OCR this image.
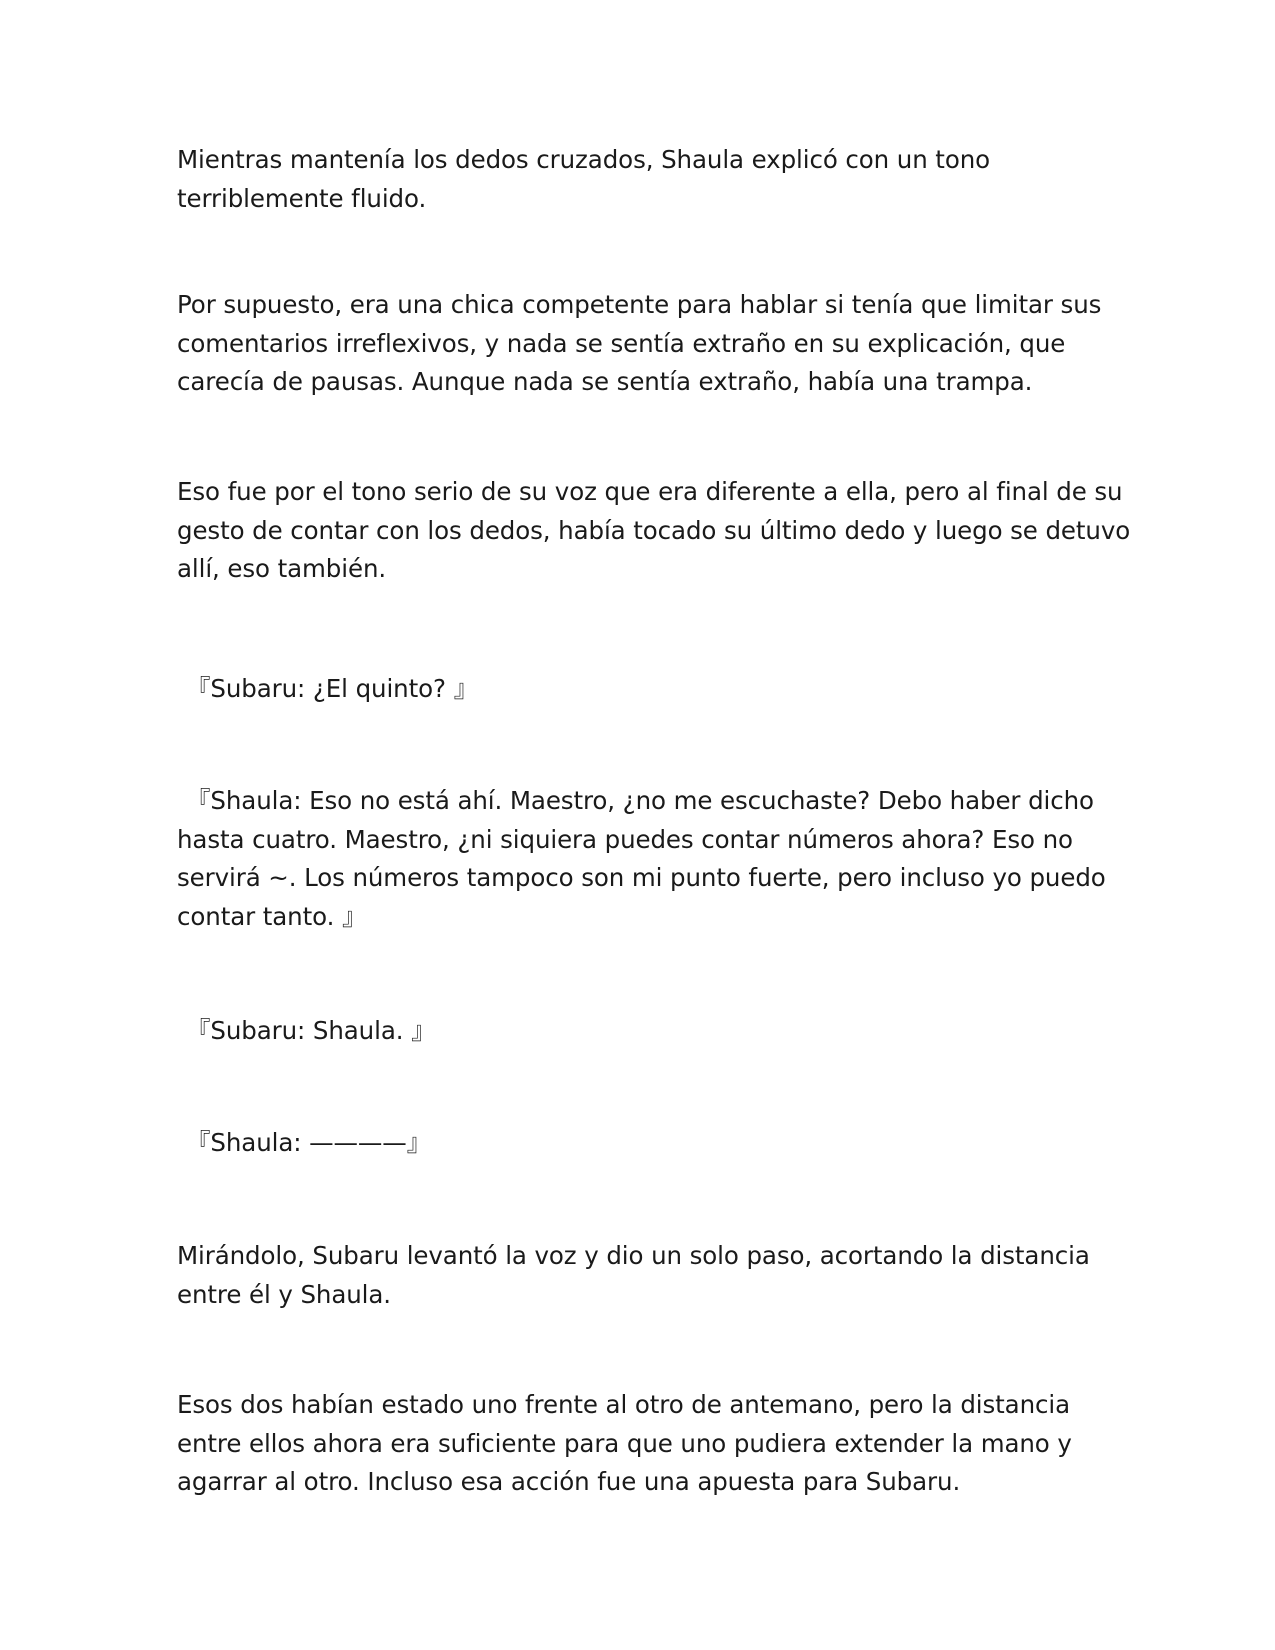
Mientras mantenía los dedos cruzados, Shaula explicó con un tono
terriblemente fluido.

Por supuesto, era una chica competente para hablar si tenía que limitar sus
comentarios irreflexivos, y nada se sentía extraño en su explicación, que
carecía de pausas. Aunque nada se sentía extraño, había una trampa.

Eso fue por el tono serio de su voz que era diferente a ella, pero al final de su
gesto de contar con los dedos, había tocado su último dedo y luego se detuvo
allí, eso también.

『Subaru: ¿El quinto? 』

『Shaula: Eso no está ahí. Maestro, ¿no me escuchaste? Debo haber dicho
hasta cuatro. Maestro, ¿ni siquiera puedes contar números ahora? Eso no
servirá ~. Los números tampoco son mi punto fuerte, pero incluso yo puedo
contar tanto. 』

『Subaru: Shaula. 』

『Shaula: ————』

Mirándolo, Subaru levantó la voz y dio un solo paso, acortando la distancia
entre él y Shaula.

Esos dos habían estado uno frente al otro de antemano, pero la distancia
entre ellos ahora era suficiente para que uno pudiera extender la mano y
agarrar al otro. Incluso esa acción fue una apuesta para Subaru.
